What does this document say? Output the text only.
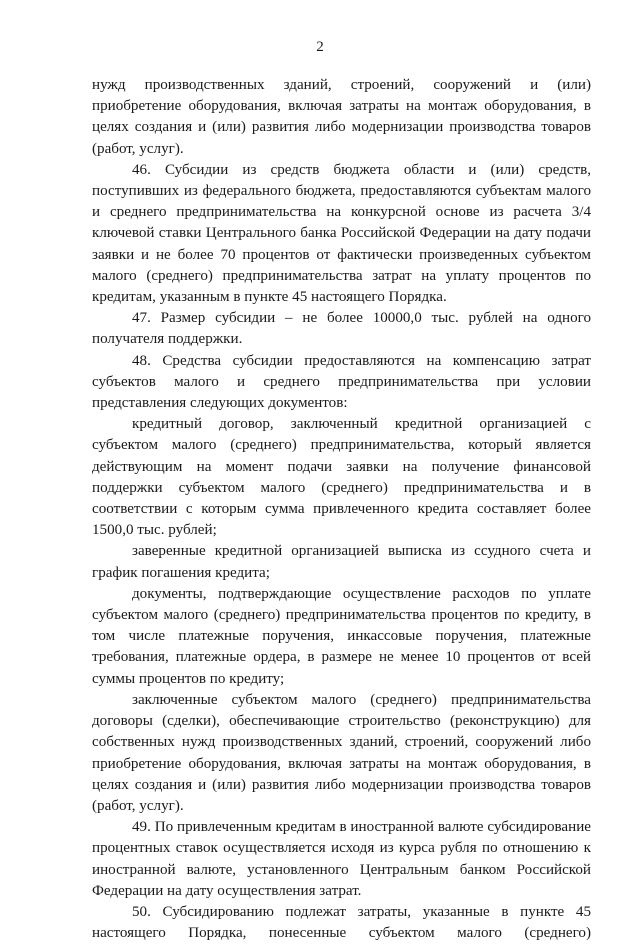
2

нужд производственных зданий, строений, сооружений и (или) приобретение оборудования, включая затраты на монтаж оборудования, в целях создания и (или) развития либо модернизации производства товаров (работ, услуг).

46. Субсидии из средств бюджета области и (или) средств, поступивших из федерального бюджета, предоставляются субъектам малого и среднего предпринимательства на конкурсной основе из расчета 3/4 ключевой ставки Центрального банка Российской Федерации на дату подачи заявки и не более 70 процентов от фактически произведенных субъектом малого (среднего) предпринимательства затрат на уплату процентов по кредитам, указанным в пункте 45 настоящего Порядка.

47. Размер субсидии – не более 10000,0 тыс. рублей на одного получателя поддержки.

48. Средства субсидии предоставляются на компенсацию затрат субъектов малого и среднего предпринимательства при условии представления следующих документов:

кредитный договор, заключенный кредитной организацией с субъектом малого (среднего) предпринимательства, который является действующим на момент подачи заявки на получение финансовой поддержки субъектом малого (среднего) предпринимательства и в соответствии с которым сумма привлеченного кредита составляет более 1500,0 тыс. рублей;

заверенные кредитной организацией выписка из ссудного счета и график погашения кредита;

документы, подтверждающие осуществление расходов по уплате субъектом малого (среднего) предпринимательства процентов по кредиту, в том числе платежные поручения, инкассовые поручения, платежные требования, платежные ордера, в размере не менее 10 процентов от всей суммы процентов по кредиту;

заключенные субъектом малого (среднего) предпринимательства договоры (сделки), обеспечивающие строительство (реконструкцию) для собственных нужд производственных зданий, строений, сооружений либо приобретение оборудования, включая затраты на монтаж оборудования, в целях создания и (или) развития либо модернизации производства товаров (работ, услуг).

49. По привлеченным кредитам в иностранной валюте субсидирование процентных ставок осуществляется исходя из курса рубля по отношению к иностранной валюте, установленного Центральным банком Российской Федерации на дату осуществления затрат.

50. Субсидированию подлежат затраты, указанные в пункте 45 настоящего Порядка, понесенные субъектом малого (среднего)
